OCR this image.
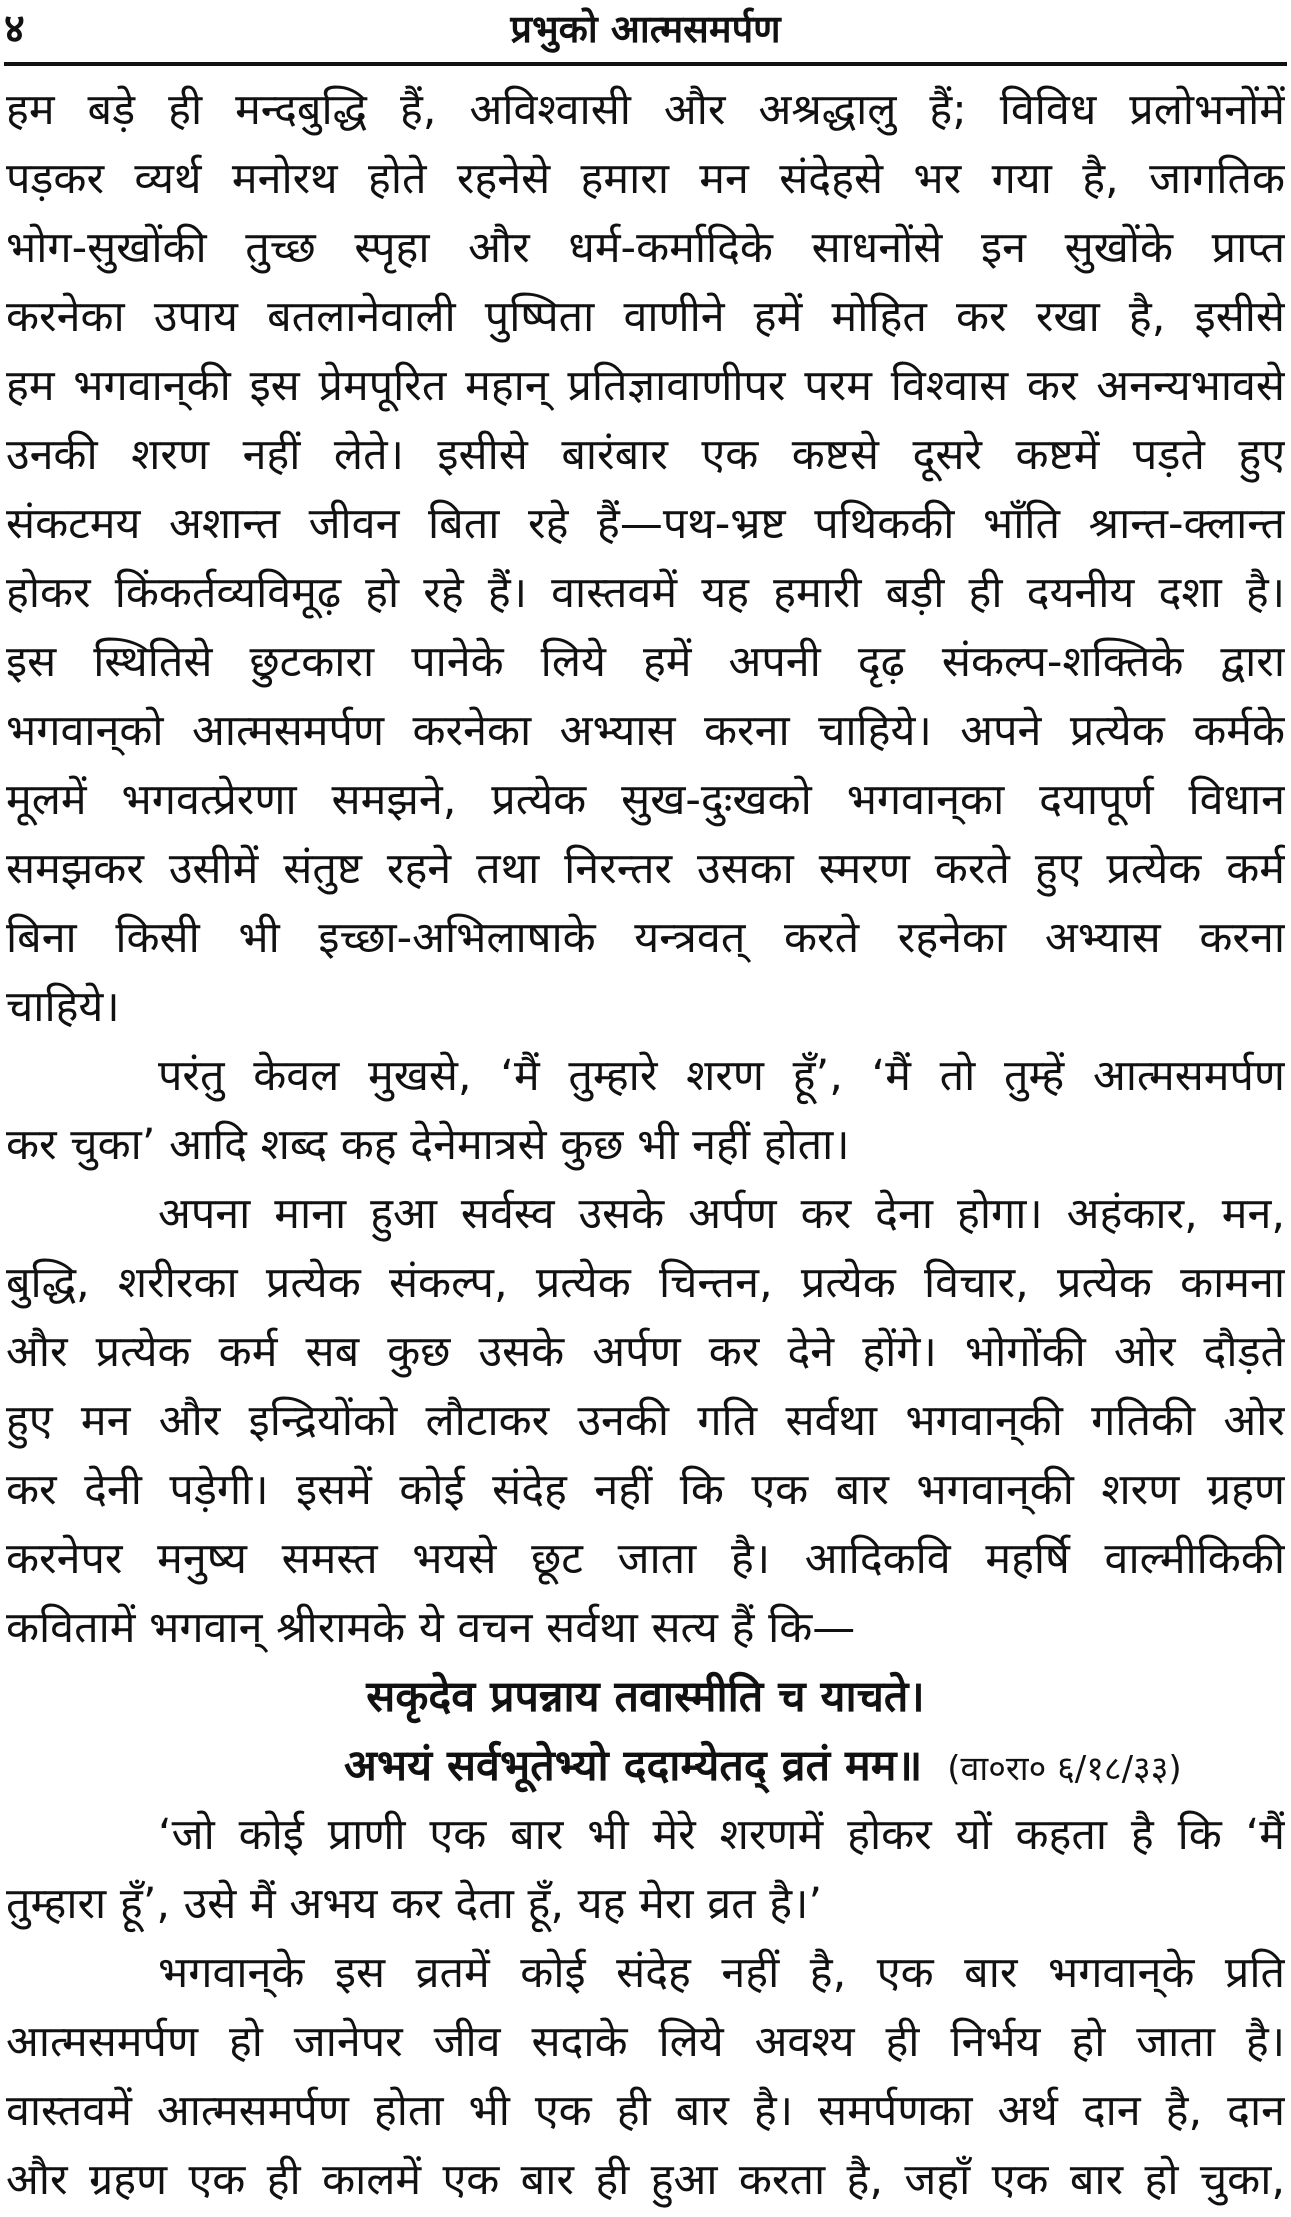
४	प्रभुको आत्मसमर्पण
हम बड़े ही मन्दबुद्धि हैं, अविश्वासी और अश्रद्धालु हैं; विविध प्रलोभनोंमें
पड़कर व्यर्थ मनोरथ होते रहनेसे हमारा मन संदेहसे भर गया है, जागतिक
भोग-सुखोंकी तुच्छ स्पृहा और धर्म-कर्मादिके साधनोंसे इन सुखोंके प्राप्त
करनेका उपाय बतलानेवाली पुष्पिता वाणीने हमें मोहित कर रखा है, इसीसे
हम भगवान्‌की इस प्रेमपूरित महान् प्रतिज्ञावाणीपर परम विश्वास कर अनन्यभावसे
उनकी शरण नहीं लेते। इसीसे बारंबार एक कष्टसे दूसरे कष्टमें पड़ते हुए
संकटमय अशान्त जीवन बिता रहे हैं—पथ-भ्रष्ट पथिककी भाँति श्रान्त-क्लान्त
होकर किंकर्तव्यविमूढ़ हो रहे हैं। वास्तवमें यह हमारी बड़ी ही दयनीय दशा है।
इस स्थितिसे छुटकारा पानेके लिये हमें अपनी दृढ़ संकल्प-शक्तिके द्वारा
भगवान्‌को आत्मसमर्पण करनेका अभ्यास करना चाहिये। अपने प्रत्येक कर्मके
मूलमें भगवत्प्रेरणा समझने, प्रत्येक सुख-दुःखको भगवान्‌का दयापूर्ण विधान
समझकर उसीमें संतुष्ट रहने तथा निरन्तर उसका स्मरण करते हुए प्रत्येक कर्म
बिना किसी भी इच्छा-अभिलाषाके यन्त्रवत् करते रहनेका अभ्यास करना
चाहिये।
परंतु केवल मुखसे, ‘मैं तुम्हारे शरण हूँ’, ‘मैं तो तुम्हें आत्मसमर्पण
कर चुका’ आदि शब्द कह देनेमात्रसे कुछ भी नहीं होता।
अपना माना हुआ सर्वस्व उसके अर्पण कर देना होगा। अहंकार, मन,
बुद्धि, शरीरका प्रत्येक संकल्प, प्रत्येक चिन्तन, प्रत्येक विचार, प्रत्येक कामना
और प्रत्येक कर्म सब कुछ उसके अर्पण कर देने होंगे। भोगोंकी ओर दौड़ते
हुए मन और इन्द्रियोंको लौटाकर उनकी गति सर्वथा भगवान्‌की गतिकी ओर
कर देनी पड़ेगी। इसमें कोई संदेह नहीं कि एक बार भगवान्‌की शरण ग्रहण
करनेपर मनुष्य समस्त भयसे छूट जाता है। आदिकवि महर्षि वाल्मीकिकी
कवितामें भगवान् श्रीरामके ये वचन सर्वथा सत्य हैं कि—
सकृदेव प्रपन्नाय तवास्मीति च याचते।
अभयं सर्वभूतेभ्यो ददाम्येतद् व्रतं मम॥ (वा०रा० ६/१८/३३)
‘जो कोई प्राणी एक बार भी मेरे शरणमें होकर यों कहता है कि ‘मैं
तुम्हारा हूँ’, उसे मैं अभय कर देता हूँ, यह मेरा व्रत है।’
भगवान्‌के इस व्रतमें कोई संदेह नहीं है, एक बार भगवान्‌के प्रति
आत्मसमर्पण हो जानेपर जीव सदाके लिये अवश्य ही निर्भय हो जाता है।
वास्तवमें आत्मसमर्पण होता भी एक ही बार है। समर्पणका अर्थ दान है, दान
और ग्रहण एक ही कालमें एक बार ही हुआ करता है, जहाँ एक बार हो चुका,
